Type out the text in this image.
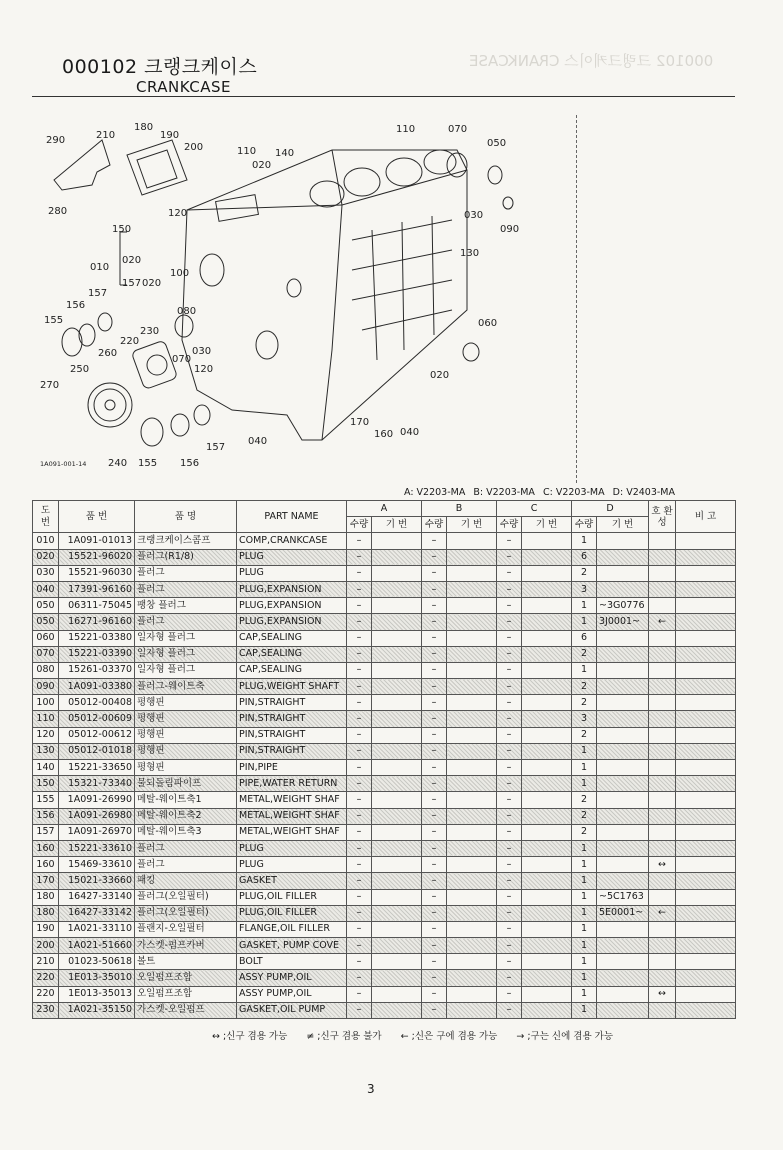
000102 크랭크케이스 CRANKCASE
000102 크랭크케이스
CRANKCASE
290	210
180
190
200	110 140
020
110	070
050
280	120
150
030
090
010
020
157
100
130
020
156
157
080
155	060
260
220
230
070
030
250	120
020
270
170
160 040
157
040
240 155 156
1A091-001-14
A: V2203-MA B: V2203-MA C: V2203-MA D: V2403-MA
도 번	품 번	품 명	PART NAME	A		B		C		D		호 환 성	비 고
				수량	기 번	수량	기 번	수량	기 번	수량	기 번		
010	1A091-01013	크랭크케이스콤프	COMP,CRANKCASE	–		–		–		1			
020	15521-96020	플러그(R1/8)	PLUG	–		–		–		6			
030	15521-96030	플러그	PLUG	–		–		–		2			
040	17391-96160	플러그	PLUG,EXPANSION	–		–		–		3			
050	06311-75045	팽창 플러그	PLUG,EXPANSION	–		–		–		1	~3G0776		
050	16271-96160	플러그	PLUG,EXPANSION	–		–		–		1	3J0001~	←	
060	15221-03380	일자형 플러그	CAP,SEALING	–		–		–		6			
070	15221-03390	일자형 플러그	CAP,SEALING	–		–		–		2			
080	15261-03370	일자형 플러그	CAP,SEALING	–		–		–		1			
090	1A091-03380	플러그-웨이트축	PLUG,WEIGHT SHAFT	–		–		–		2			
100	05012-00408	평행핀	PIN,STRAIGHT	–		–		–		2			
110	05012-00609	평행핀	PIN,STRAIGHT	–		–		–		3			
120	05012-00612	평행핀	PIN,STRAIGHT	–		–		–		2			
130	05012-01018	평행핀	PIN,STRAIGHT	–		–		–		1			
140	15221-33650	평형핀	PIN,PIPE	–		–		–		1			
150	15321-73340	물되돌림파이프	PIPE,WATER RETURN	–		–		–		1			
155	1A091-26990	메탈-웨이트축1	METAL,WEIGHT SHAF	–		–		–		2			
156	1A091-26980	메탈-웨이트축2	METAL,WEIGHT SHAF	–		–		–		2			
157	1A091-26970	메탈-웨이트축3	METAL,WEIGHT SHAF	–		–		–		2			
160	15221-33610	플러그	PLUG	–		–		–		1			
160	15469-33610	플러그	PLUG	–		–		–		1		↔	
170	15021-33660	패킹	GASKET	–		–		–		1			
180	16427-33140	플러그(오일필터)	PLUG,OIL FILLER	–		–		–		1	~5C1763		
180	16427-33142	플러그(오일필터)	PLUG,OIL FILLER	–		–		–		1	5E0001~	←	
190	1A021-33110	플랜지-오일필터	FLANGE,OIL FILLER	–		–		–		1			
200	1A021-51660	가스켓-펌프카버	GASKET, PUMP COVE	–		–		–		1			
210	01023-50618	볼트	BOLT	–		–		–		1			
220	1E013-35010	오일펌프조합	ASSY PUMP,OIL	–		–		–		1			
220	1E013-35013	오일펌프조합	ASSY PUMP,OIL	–		–		–		1		↔	
230	1A021-35150	가스켓-오일펌프	GASKET,OIL PUMP	–		–		–		1			
↔ ;신구 겸용 가능 ≠ ;신구 겸용 불가 ← ;신은 구에 겸용 가능 → ;구는 신에 겸용 가능
3
